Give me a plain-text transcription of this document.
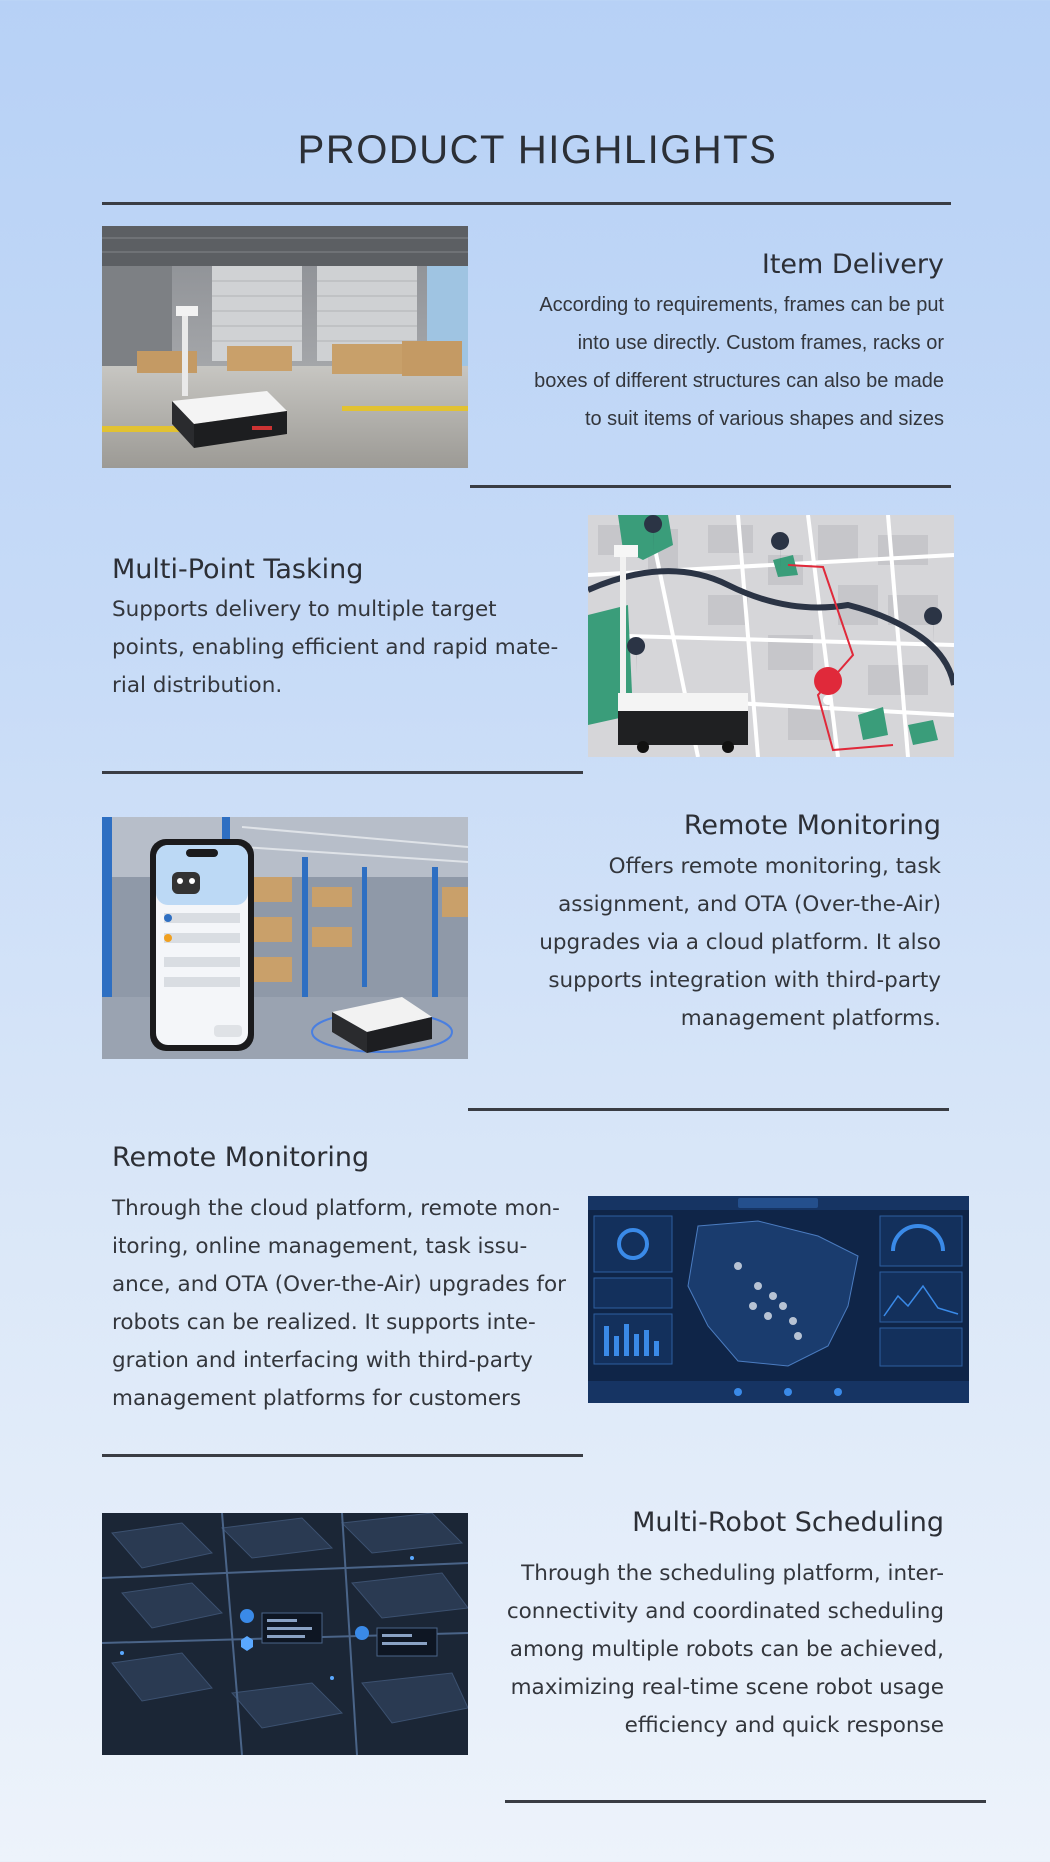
PRODUCT HIGHLIGHTS
Item Delivery
According to requirements, frames can be put
into use directly. Custom frames, racks or
boxes of different structures can also be made
to suit items of various shapes and sizes
Multi-Point Tasking
Supports delivery to multiple target
points, enabling efficient and rapid mate-
rial distribution.
Remote Monitoring
Offers remote monitoring, task
assignment, and OTA (Over-the-Air)
upgrades via a cloud platform. It also
supports integration with third-party
management platforms.
Remote Monitoring
Through the cloud platform, remote mon-
itoring, online management, task issu-
ance, and OTA (Over-the-Air) upgrades for
robots can be realized. It supports inte-
gration and interfacing with third-party
management platforms for customers
Multi-Robot Scheduling
Through the scheduling platform, inter-
connectivity and coordinated scheduling
among multiple robots can be achieved,
maximizing real-time scene robot usage
efficiency and quick response
